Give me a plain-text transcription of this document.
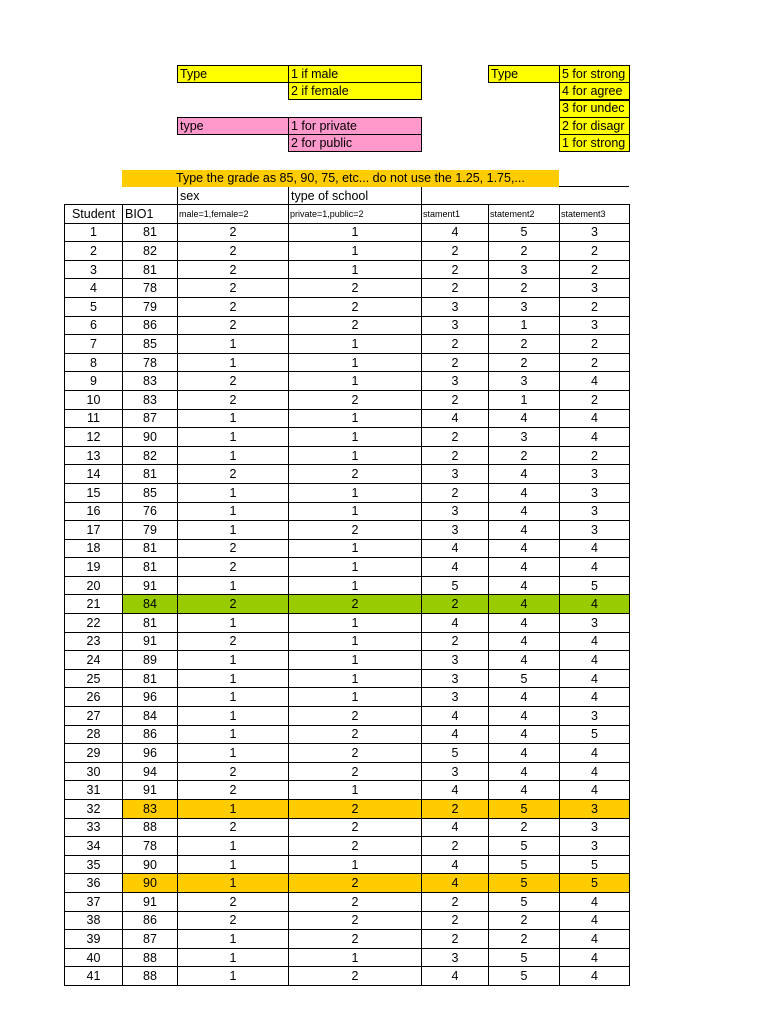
Type	1 if male
2 if female
type	1 for private
2 for public
Type	5 for strong
4 for agree
3 for undec
2 for disagr
1 for strong
Type the grade as 85, 90, 75, etc... do not use the 1.25, 1.75,...
sex	type of school
Student	BIO1	male=1,female=2	private=1,public=2	stament1	statement2	statement3
1	81	2	1	4	5	3
2	82	2	1	2	2	2
3	81	2	1	2	3	2
4	78	2	2	2	2	3
5	79	2	2	3	3	2
6	86	2	2	3	1	3
7	85	1	1	2	2	2
8	78	1	1	2	2	2
9	83	2	1	3	3	4
10	83	2	2	2	1	2
11	87	1	1	4	4	4
12	90	1	1	2	3	4
13	82	1	1	2	2	2
14	81	2	2	3	4	3
15	85	1	1	2	4	3
16	76	1	1	3	4	3
17	79	1	2	3	4	3
18	81	2	1	4	4	4
19	81	2	1	4	4	4
20	91	1	1	5	4	5
21	84	2	2	2	4	4
22	81	1	1	4	4	3
23	91	2	1	2	4	4
24	89	1	1	3	4	4
25	81	1	1	3	5	4
26	96	1	1	3	4	4
27	84	1	2	4	4	3
28	86	1	2	4	4	5
29	96	1	2	5	4	4
30	94	2	2	3	4	4
31	91	2	1	4	4	4
32	83	1	2	2	5	3
33	88	2	2	4	2	3
34	78	1	2	2	5	3
35	90	1	1	4	5	5
36	90	1	2	4	5	5
37	91	2	2	2	5	4
38	86	2	2	2	2	4
39	87	1	2	2	2	4
40	88	1	1	3	5	4
41	88	1	2	4	5	4
